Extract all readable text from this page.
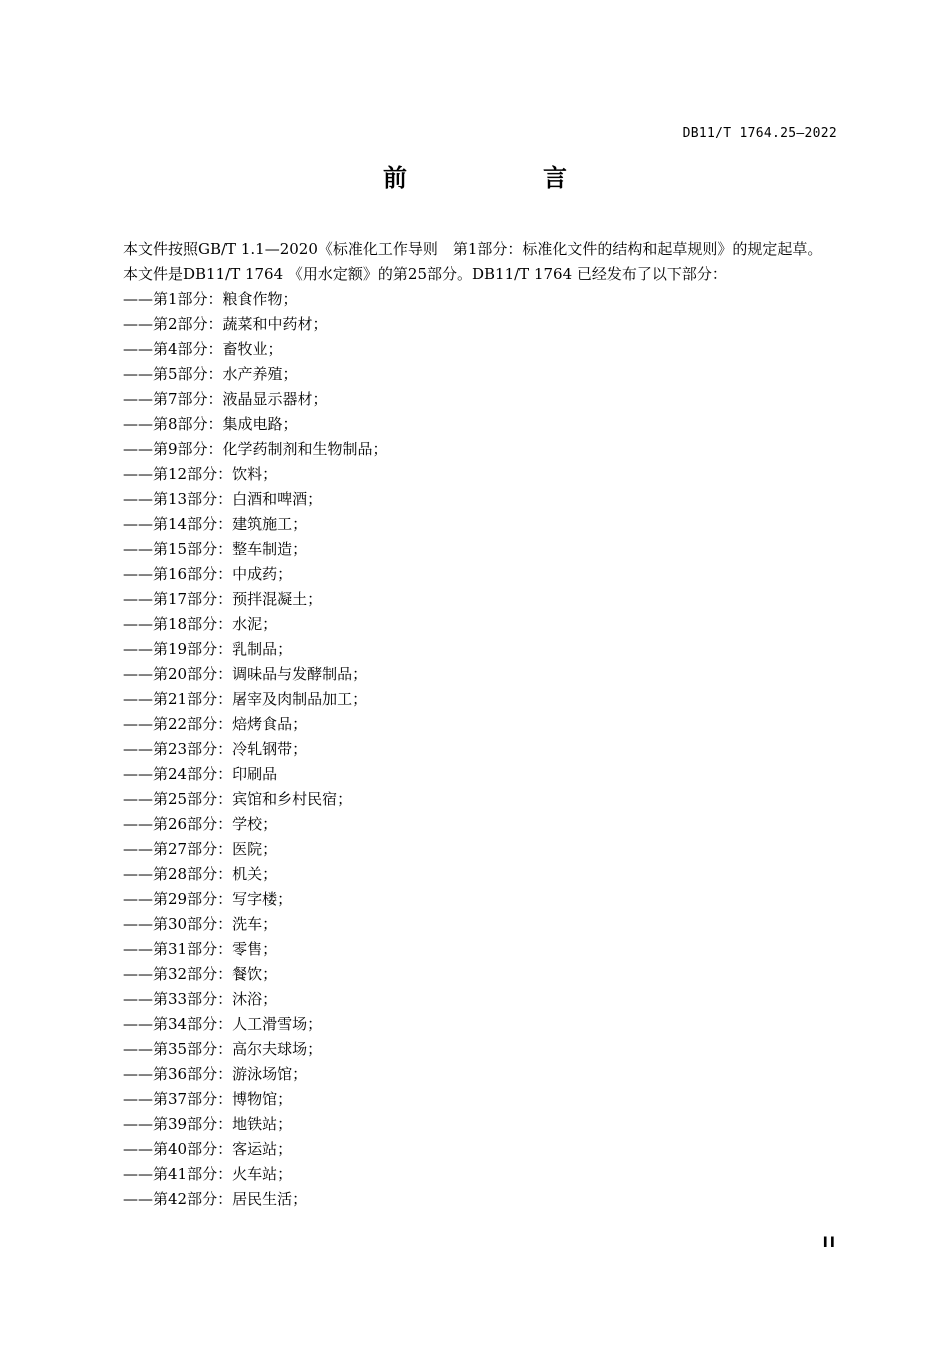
DB11/T 1764.25—2022
前　言

本文件按照GB/T 1.1—2020《标准化工作导则　第1部分：标准化文件的结构和起草规则》的规定起草。

本文件是DB11/T 1764 《用水定额》的第25部分。DB11/T 1764 已经发布了以下部分：

——第1部分：粮食作物；
——第2部分：蔬菜和中药材；
——第4部分：畜牧业；
——第5部分：水产养殖；
——第7部分：液晶显示器材；
——第8部分：集成电路；
——第9部分：化学药制剂和生物制品；
——第12部分：饮料；
——第13部分：白酒和啤酒；
——第14部分：建筑施工；
——第15部分：整车制造；
——第16部分：中成药；
——第17部分：预拌混凝土；
——第18部分：水泥；
——第19部分：乳制品；
——第20部分：调味品与发酵制品；
——第21部分：屠宰及肉制品加工；
——第22部分：焙烤食品；
——第23部分：冷轧钢带；
——第24部分：印刷品
——第25部分：宾馆和乡村民宿；
——第26部分：学校；
——第27部分：医院；
——第28部分：机关；
——第29部分：写字楼；
——第30部分：洗车；
——第31部分：零售；
——第32部分：餐饮；
——第33部分：沐浴；
——第34部分：人工滑雪场；
——第35部分：高尔夫球场；
——第36部分：游泳场馆；
——第37部分：博物馆；
——第39部分：地铁站；
——第40部分：客运站；
——第41部分：火车站；
——第42部分：居民生活；
II
